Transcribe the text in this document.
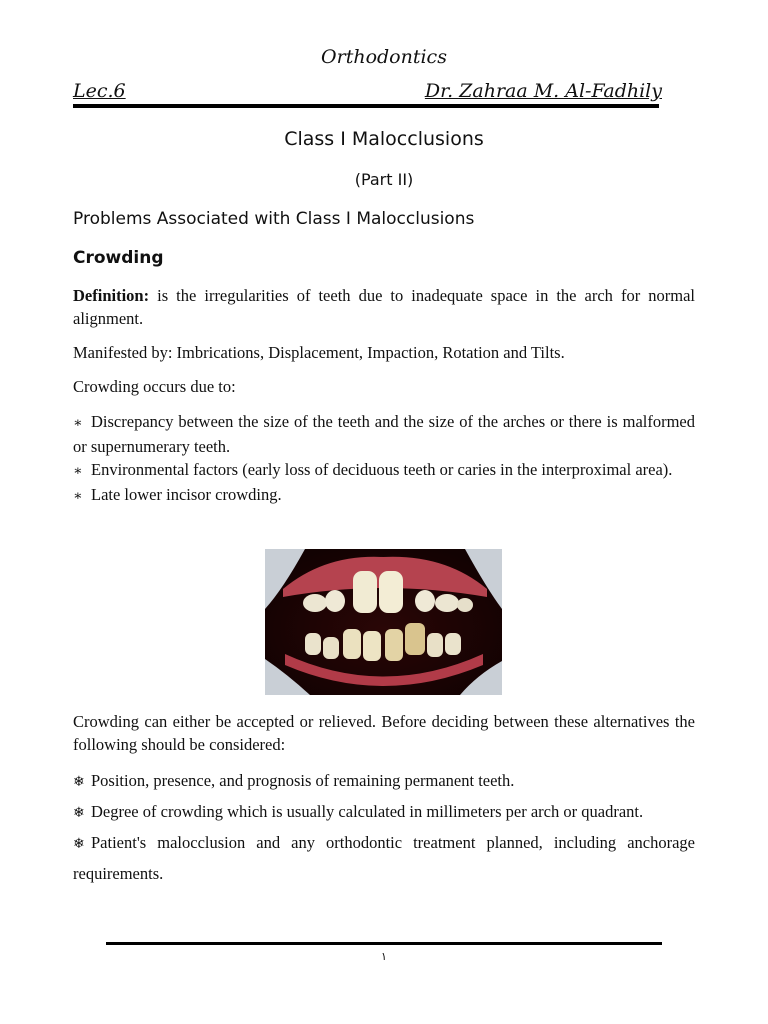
Orthodontics
Lec.6	Dr. Zahraa M. Al-Fadhily
Class I Malocclusions
(Part II)
Problems Associated with Class I Malocclusions
Crowding
Definition: is the irregularities of teeth due to inadequate space in the arch for normal alignment.
Manifested by: Imbrications, Displacement, Impaction, Rotation and Tilts.
Crowding occurs due to:
∗ Discrepancy between the size of the teeth and the size of the arches or there is malformed or supernumerary teeth.
∗ Environmental factors (early loss of deciduous teeth or caries in the interproximal area).
∗ Late lower incisor crowding.
Crowding can either be accepted or relieved. Before deciding between these alternatives the following should be considered:
❄ Position, presence, and prognosis of remaining permanent teeth.
❄ Degree of crowding which is usually calculated in millimeters per arch or quadrant.
❄ Patient's malocclusion and any orthodontic treatment planned, including anchorage requirements.
١
